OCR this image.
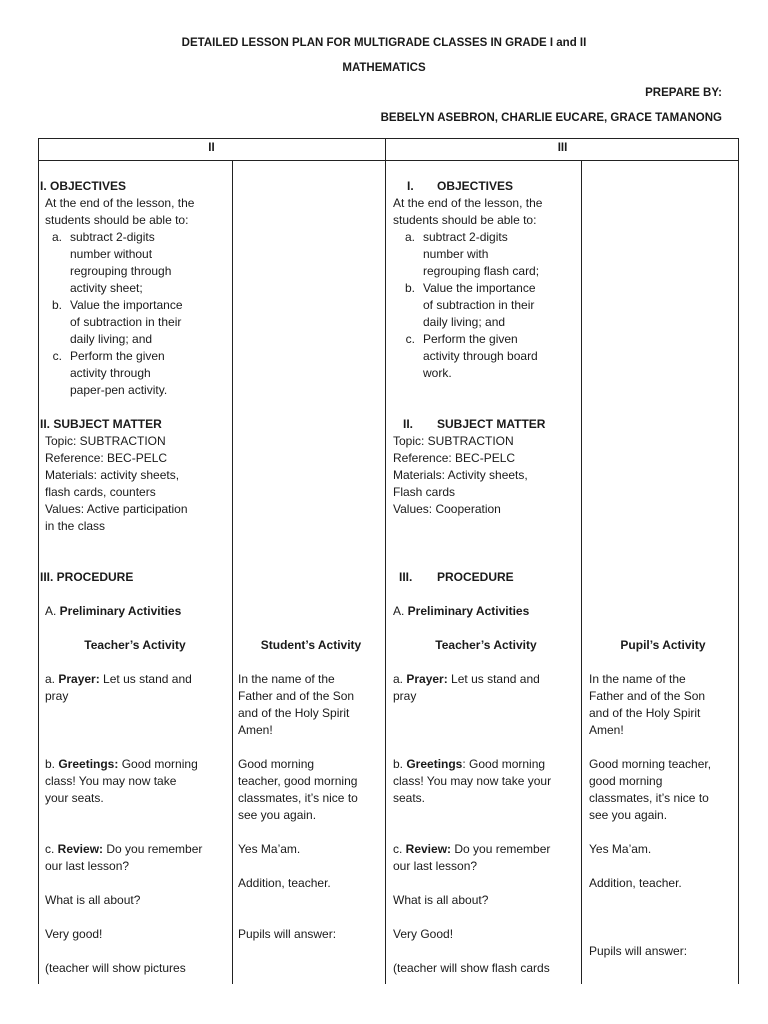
DETAILED LESSON PLAN FOR MULTIGRADE CLASSES IN GRADE I and II
MATHEMATICS
PREPARE BY:
BEBELYN ASEBRON, CHARLIE EUCARE, GRACE TAMANONG
II	III
I. OBJECTIVES
At the end of the lesson, the
students should be able to:
a. subtract 2-digits
number without
regrouping through
activity sheet;
b. Value the importance
of subtraction in their
daily living; and
c. Perform the given
activity through
paper-pen activity.
II. SUBJECT MATTER
Topic: SUBTRACTION
Reference: BEC-PELC
Materials: activity sheets,
flash cards, counters
Values: Active participation
in the class
III. PROCEDURE
A. Preliminary Activities
Teacher’s Activity
a. Prayer: Let us stand and
pray
b. Greetings: Good morning
class! You may now take
your seats.
c. Review: Do you remember
our last lesson?
What is all about?
Very good!
(teacher will show pictures
Student’s Activity
In the name of the
Father and of the Son
and of the Holy Spirit
Amen!
Good morning
teacher, good morning
classmates, it’s nice to
see you again.
Yes Ma’am.
Addition, teacher.
Pupils will answer:
I. OBJECTIVES
At the end of the lesson, the
students should be able to:
a. subtract 2-digits
number with
regrouping flash card;
b. Value the importance
of subtraction in their
daily living; and
c. Perform the given
activity through board
work.
II. SUBJECT MATTER
Topic: SUBTRACTION
Reference: BEC-PELC
Materials: Activity sheets,
Flash cards
Values: Cooperation
III. PROCEDURE
A. Preliminary Activities
Teacher’s Activity
a. Prayer: Let us stand and
pray
b. Greetings: Good morning
class! You may now take your
seats.
c. Review: Do you remember
our last lesson?
What is all about?
Very Good!
(teacher will show flash cards
Pupil’s Activity
In the name of the
Father and of the Son
and of the Holy Spirit
Amen!
Good morning teacher,
good morning
classmates, it’s nice to
see you again.
Yes Ma’am.
Addition, teacher.
Pupils will answer:
